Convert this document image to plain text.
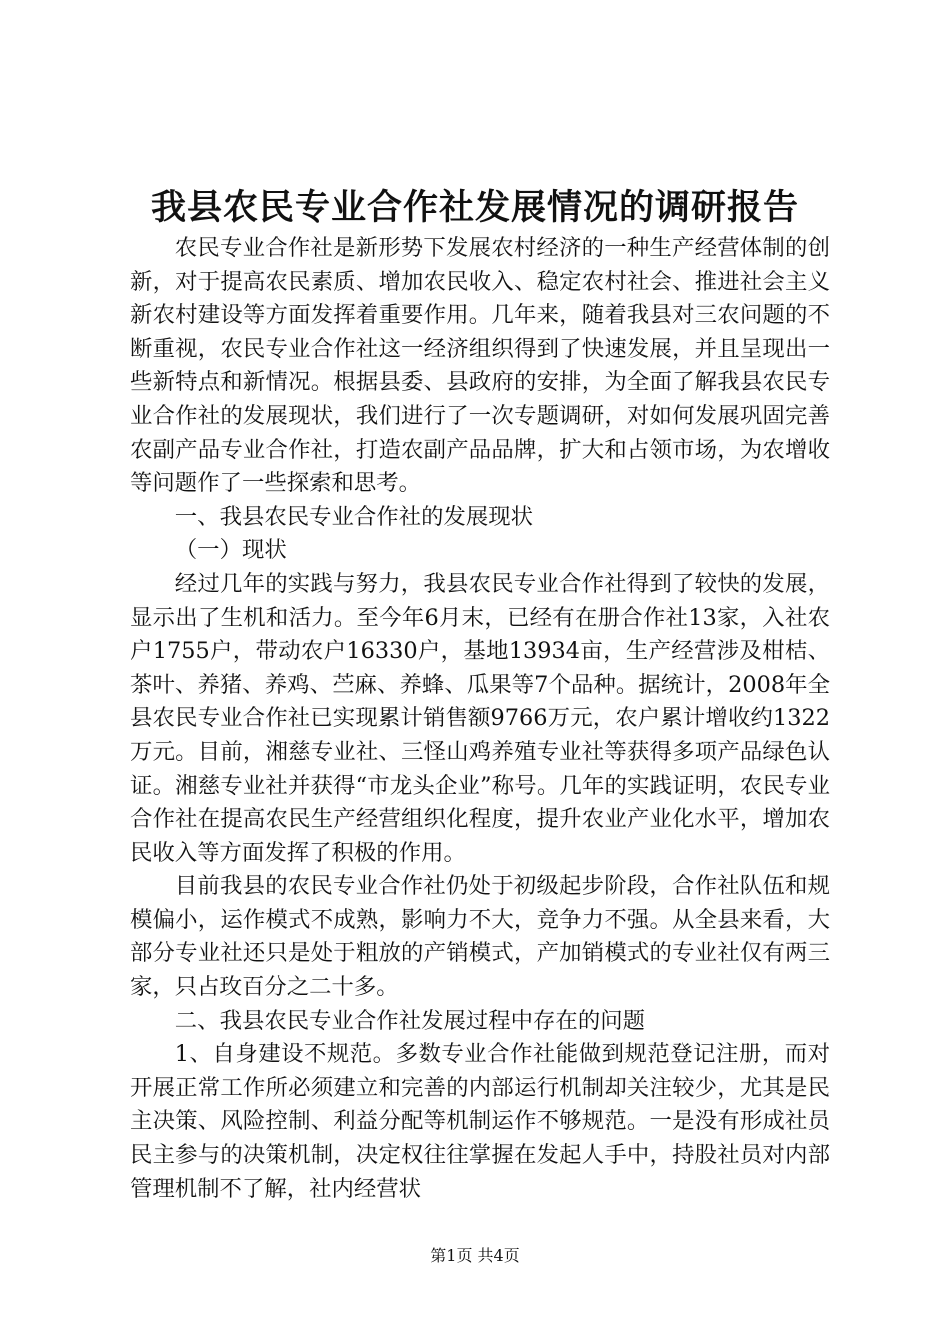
我县农民专业合作社发展情况的调研报告

农民专业合作社是新形势下发展农村经济的一种生产经营体制的创新，对于提高农民素质、增加农民收入、稳定农村社会、推进社会主义新农村建设等方面发挥着重要作用。几年来，随着我县对三农问题的不断重视，农民专业合作社这一经济组织得到了快速发展，并且呈现出一些新特点和新情况。根据县委、县政府的安排，为全面了解我县农民专业合作社的发展现状，我们进行了一次专题调研，对如何发展巩固完善农副产品专业合作社，打造农副产品品牌，扩大和占领市场，为农增收等问题作了一些探索和思考。

一、我县农民专业合作社的发展现状

（一）现状

经过几年的实践与努力，我县农民专业合作社得到了较快的发展，显示出了生机和活力。至今年6月末，已经有在册合作社13家，入社农户1755户，带动农户16330户，基地13934亩，生产经营涉及柑桔、茶叶、养猪、养鸡、苎麻、养蜂、瓜果等7个品种。据统计，2008年全县农民专业合作社已实现累计销售额9766万元，农户累计增收约1322万元。目前，湘慈专业社、三怪山鸡养殖专业社等获得多项产品绿色认证。湘慈专业社并获得“市龙头企业”称号。几年的实践证明，农民专业合作社在提高农民生产经营组织化程度，提升农业产业化水平，增加农民收入等方面发挥了积极的作用。

目前我县的农民专业合作社仍处于初级起步阶段，合作社队伍和规模偏小，运作模式不成熟，影响力不大，竞争力不强。从全县来看，大部分专业社还只是处于粗放的产销模式，产加销模式的专业社仅有两三家，只占玫百分之二十多。

二、我县农民专业合作社发展过程中存在的问题

1、自身建设不规范。多数专业合作社能做到规范登记注册，而对开展正常工作所必须建立和完善的内部运行机制却关注较少，尤其是民主决策、风险控制、利益分配等机制运作不够规范。一是没有形成社员民主参与的决策机制，决定权往往掌握在发起人手中，持股社员对内部管理机制不了解，社内经营状

第1页 共4页
